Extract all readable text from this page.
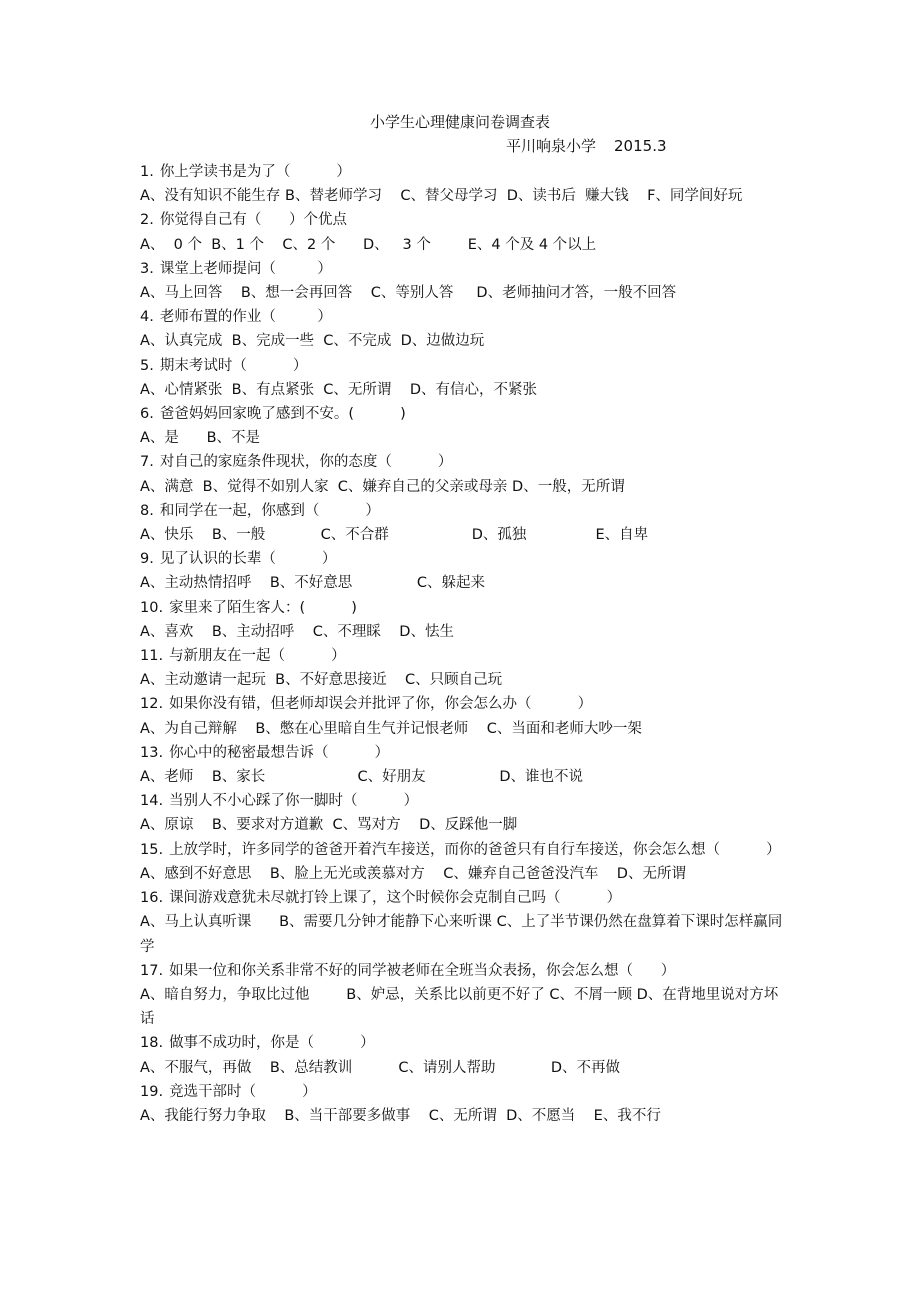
小学生心理健康问卷调查表
平川响泉小学 2015.3

1. 你上学读书是为了（          ）

A、没有知识不能生存 B、替老师学习    C、替父母学习  D、读书后  赚大钱    F、同学间好玩

2. 你觉得自己有（      ）个优点

A、  0 个  B、1 个    C、2 个      D、   3 个        E、4 个及 4 个以上

3. 课堂上老师提问（         ）

A、马上回答    B、想一会再回答    C、等别人答     D、老师抽问才答，一般不回答

4. 老师布置的作业（         ）

A、认真完成  B、完成一些  C、不完成  D、边做边玩

5. 期末考试时（          ）

A、心情紧张  B、有点紧张  C、无所谓    D、有信心，不紧张

6. 爸爸妈妈回家晚了感到不安。(          )

A、是      B、不是

7. 对自己的家庭条件现状，你的态度（          ）

A、满意  B、觉得不如别人家  C、嫌弃自己的父亲或母亲 D、一般，无所谓

8. 和同学在一起，你感到（          ）

A、快乐    B、一般            C、不合群                  D、孤独               E、自卑

9. 见了认识的长辈（          ）

A、主动热情招呼    B、不好意思              C、躲起来

10. 家里来了陌生客人：(          )

A、喜欢    B、主动招呼    C、不理睬    D、怯生

11. 与新朋友在一起（          ）

A、主动邀请一起玩  B、不好意思接近    C、只顾自己玩

12. 如果你没有错，但老师却误会并批评了你，你会怎么办（          ）

A、为自己辩解    B、憋在心里暗自生气并记恨老师    C、当面和老师大吵一架

13. 你心中的秘密最想告诉（          ）

A、老师    B、家长                    C、好朋友                D、谁也不说

14. 当别人不小心踩了你一脚时（          ）

A、原谅    B、要求对方道歉  C、骂对方    D、反踩他一脚

15. 上放学时，许多同学的爸爸开着汽车接送，而你的爸爸只有自行车接送，你会怎么想（          ）

A、感到不好意思    B、脸上无光或羡慕对方    C、嫌弃自己爸爸没汽车    D、无所谓

16. 课间游戏意犹未尽就打铃上课了，这个时候你会克制自己吗（          ）

A、马上认真听课      B、需要几分钟才能静下心来听课 C、上了半节课仍然在盘算着下课时怎样赢同学

17. 如果一位和你关系非常不好的同学被老师在全班当众表扬，你会怎么想（      ）

A、暗自努力，争取比过他        B、妒忌，关系比以前更不好了 C、不屑一顾 D、在背地里说对方坏话

18. 做事不成功时，你是（          ）

A、不服气，再做    B、总结教训          C、请别人帮助            D、不再做

19. 竞选干部时（          ）

A、我能行努力争取    B、当干部要多做事    C、无所谓  D、不愿当    E、我不行
